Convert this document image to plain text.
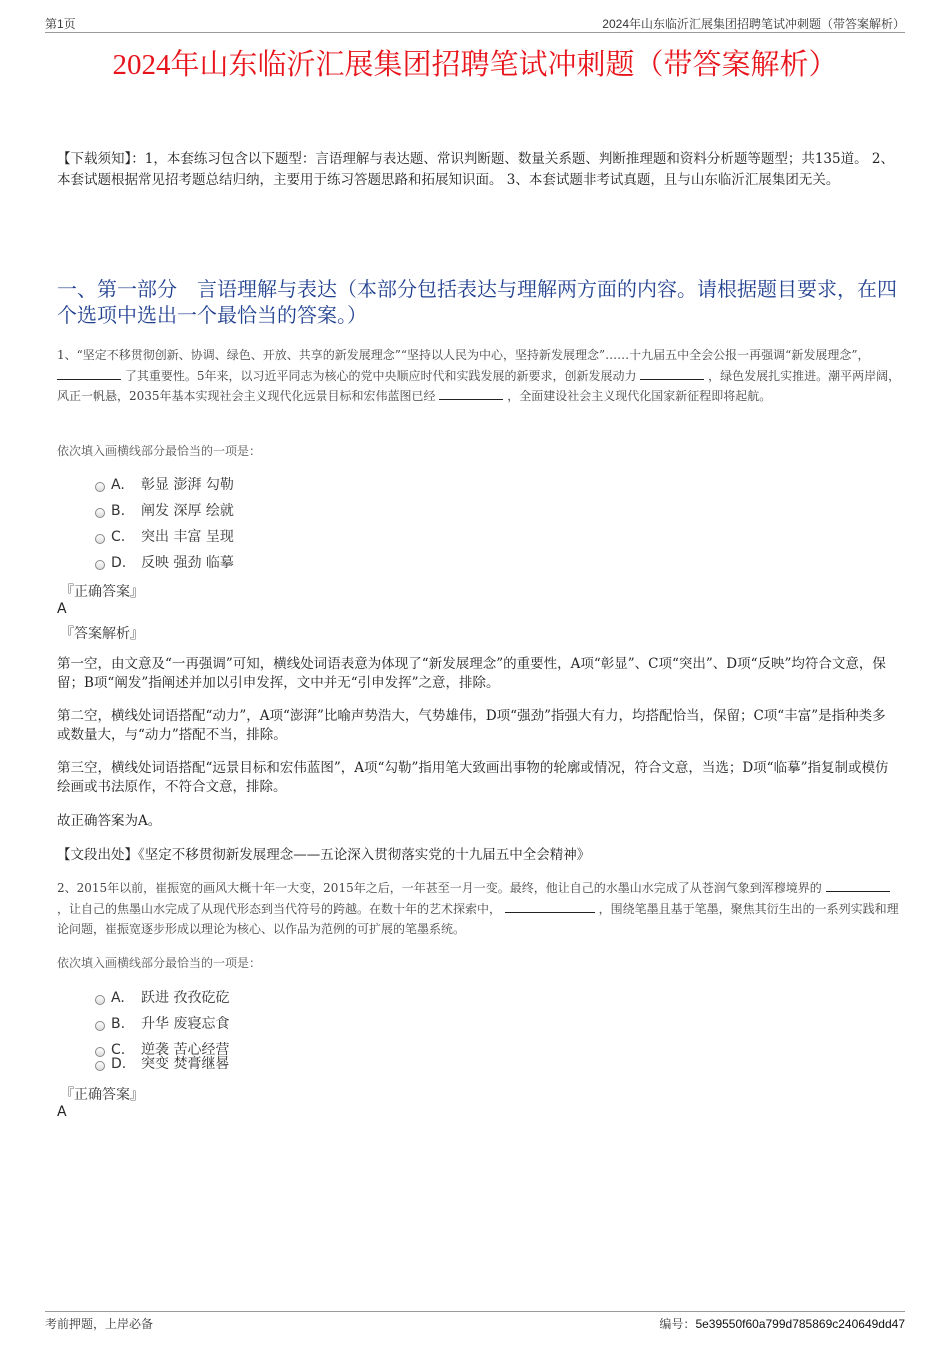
第1页	2024年山东临沂汇展集团招聘笔试冲刺题（带答案解析）
2024年山东临沂汇展集团招聘笔试冲刺题（带答案解析）
【下载须知】：1，本套练习包含以下题型：言语理解与表达题、常识判断题、数量关系题、判断推理题和资料分析题等题型；共135道。 2、本套试题根据常见招考题总结归纳，主要用于练习答题思路和拓展知识面。 3、本套试题非考试真题，且与山东临沂汇展集团无关。
一、第一部分　言语理解与表达（本部分包括表达与理解两方面的内容。请根据题目要求，在四个选项中选出一个最恰当的答案。）
1、“坚定不移贯彻创新、协调、绿色、开放、共享的新发展理念”“坚持以人民为中心，坚持新发展理念”……十九届五中全会公报一再强调“新发展理念”，  了其重要性。5年来，以习近平同志为核心的党中央顺应时代和实践发展的新要求，创新发展动力	，绿色发展扎实推进。潮平两岸阔，风正一帆悬，2035年基本实现社会主义现代化远景目标和宏伟蓝图已经	，全面建设社会主义现代化国家新征程即将起航。
依次填入画横线部分最恰当的一项是：
A. 彰显 澎湃 勾勒
B. 阐发 深厚 绘就
C. 突出 丰富 呈现
D. 反映 强劲 临摹
『正确答案』
A
『答案解析』
第一空，由文意及“一再强调”可知，横线处词语表意为体现了“新发展理念”的重要性，A项“彰显”、C项“突出”、D项“反映”均符合文意，保留；B项“阐发”指阐述并加以引申发挥，文中并无“引申发挥”之意，排除。
第二空，横线处词语搭配“动力”，A项“澎湃”比喻声势浩大，气势雄伟，D项“强劲”指强大有力，均搭配恰当，保留；C项“丰富”是指种类多或数量大，与“动力”搭配不当，排除。
第三空，横线处词语搭配“远景目标和宏伟蓝图”，A项“勾勒”指用笔大致画出事物的轮廓或情况，符合文意，当选；D项“临摹”指复制或模仿绘画或书法原作，不符合文意，排除。
故正确答案为A。
【文段出处】《坚定不移贯彻新发展理念——五论深入贯彻落实党的十九届五中全会精神》
2、2015年以前，崔振宽的画风大概十年一大变，2015年之后，一年甚至一月一变。最终，他让自己的水墨山水完成了从苍润气象到浑穆境界的  ，让自己的焦墨山水完成了从现代形态到当代符号的跨越。在数十年的艺术探索中，	，围绕笔墨且基于笔墨，聚焦其衍生出的一系列实践和理论问题，崔振宽逐步形成以理论为核心、以作品为范例的可扩展的笔墨系统。
依次填入画横线部分最恰当的一项是：
A. 跃进 孜孜矻矻
B. 升华 废寝忘食
C. 逆袭 苦心经营
D. 突变 焚膏继晷
『正确答案』
A
考前押题，上岸必备	编号：5e39550f60a799d785869c240649dd47
